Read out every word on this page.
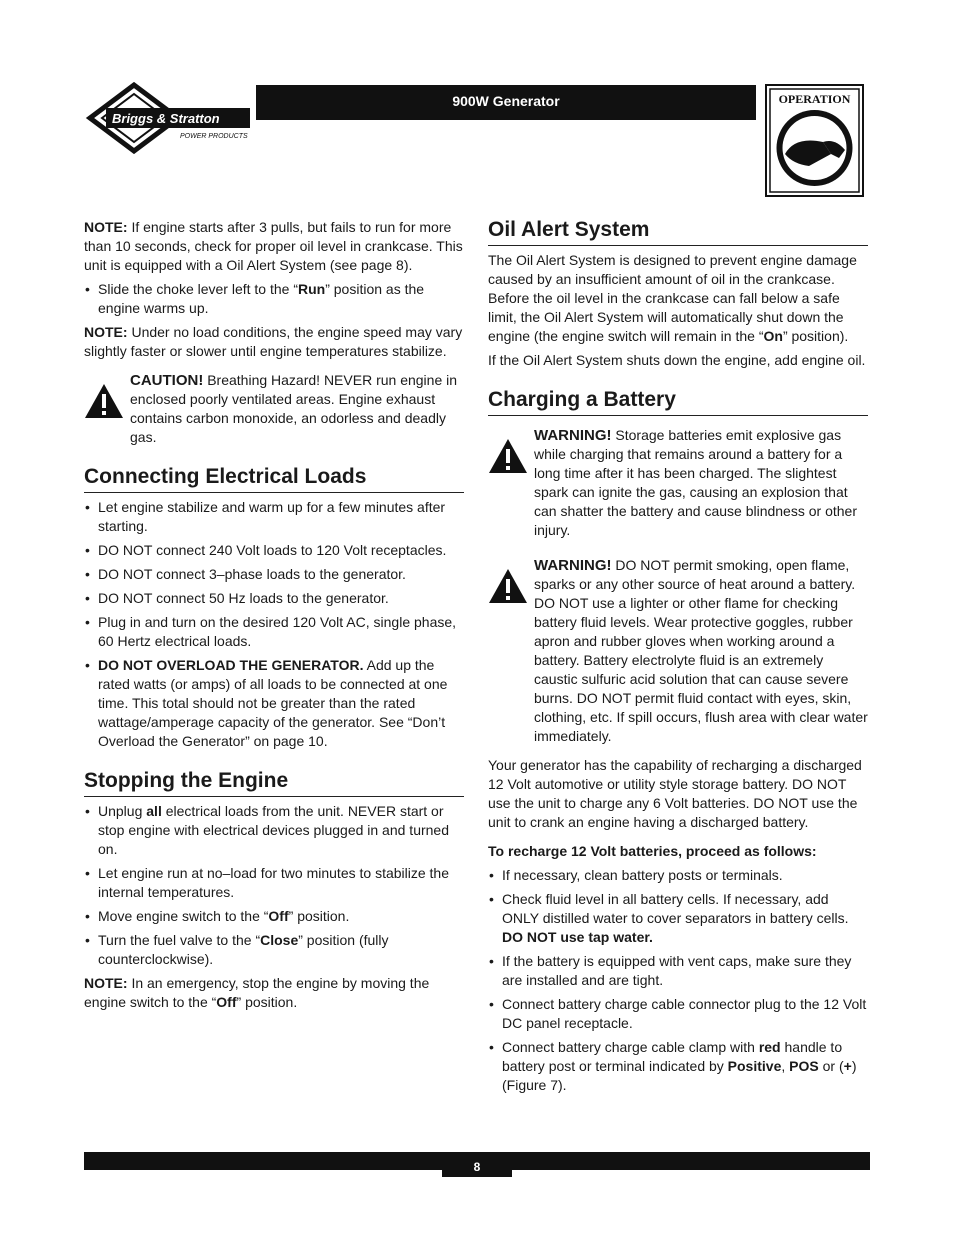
Briggs & Stratton
POWER PRODUCTS
900W Generator	OPERATION

NOTE: If engine starts after 3 pulls, but fails to run for more than 10 seconds, check for proper oil level in crankcase. This unit is equipped with a Oil Alert System (see page 8).

• Slide the choke lever left to the “Run” position as the engine warms up.

NOTE: Under no load conditions, the engine speed may vary slightly faster or slower until engine temperatures stabilize.

CAUTION! Breathing Hazard! NEVER run engine in enclosed poorly ventilated areas. Engine exhaust contains carbon monoxide, an odorless and deadly gas.
Connecting Electrical Loads
• Let engine stabilize and warm up for a few minutes after starting.
• DO NOT connect 240 Volt loads to 120 Volt receptacles.
• DO NOT connect 3–phase loads to the generator.
• DO NOT connect 50 Hz loads to the generator.
• Plug in and turn on the desired 120 Volt AC, single phase, 60 Hertz electrical loads.
• DO NOT OVERLOAD THE GENERATOR. Add up the rated watts (or amps) of all loads to be connected at one time. This total should not be greater than the rated wattage/amperage capacity of the generator. See “Don’t Overload the Generator” on page 10.
Stopping the Engine
• Unplug all electrical loads from the unit. NEVER start or stop engine with electrical devices plugged in and turned on.
• Let engine run at no–load for two minutes to stabilize the internal temperatures.
• Move engine switch to the “Off” position.
• Turn the fuel valve to the “Close” position (fully counterclockwise).

NOTE: In an emergency, stop the engine by moving the engine switch to the “Off” position.

Oil Alert System

The Oil Alert System is designed to prevent engine damage caused by an insufficient amount of oil in the crankcase. Before the oil level in the crankcase can fall below a safe limit, the Oil Alert System will automatically shut down the engine (the engine switch will remain in the “On” position).

If the Oil Alert System shuts down the engine, add engine oil.

Charging a Battery
WARNING! Storage batteries emit explosive gas while charging that remains around a battery for a long time after it has been charged. The slightest spark can ignite the gas, causing an explosion that can shatter the battery and cause blindness or other injury.
WARNING! DO NOT permit smoking, open flame, sparks or any other source of heat around a battery. DO NOT use a lighter or other flame for checking battery fluid levels. Wear protective goggles, rubber apron and rubber gloves when working around a battery. Battery electrolyte fluid is an extremely caustic sulfuric acid solution that can cause severe burns. DO NOT permit fluid contact with eyes, skin, clothing, etc. If spill occurs, flush area with clear water immediately.

Your generator has the capability of recharging a discharged 12 Volt automotive or utility style storage battery. DO NOT use the unit to charge any 6 Volt batteries. DO NOT use the unit to crank an engine having a discharged battery.

To recharge 12 Volt batteries, proceed as follows:
• If necessary, clean battery posts or terminals.
• Check fluid level in all battery cells. If necessary, add ONLY distilled water to cover separators in battery cells. DO NOT use tap water.
• If the battery is equipped with vent caps, make sure they are installed and are tight.
• Connect battery charge cable connector plug to the 12 Volt DC panel receptacle.
• Connect battery charge cable clamp with red handle to battery post or terminal indicated by Positive, POS or (+) (Figure 7).
8
